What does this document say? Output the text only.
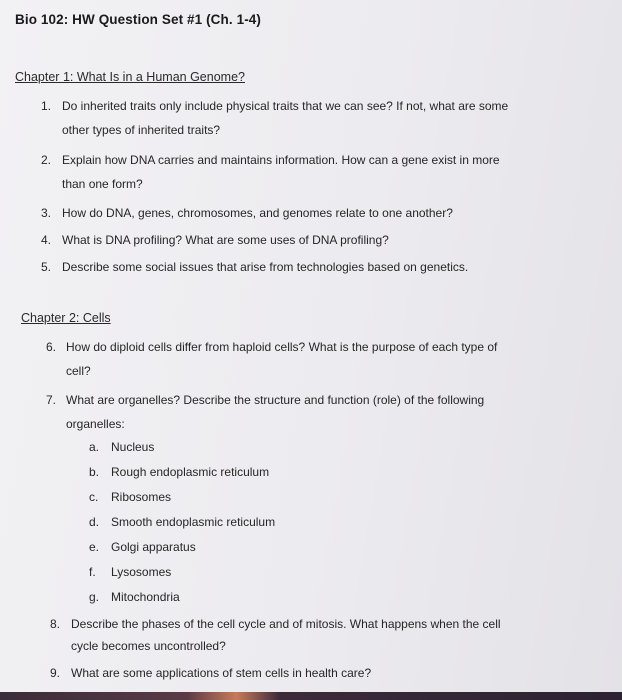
Bio 102: HW Question Set #1 (Ch. 1-4)
Chapter 1: What Is in a Human Genome?
1. Do inherited traits only include physical traits that we can see? If not, what are some
other types of inherited traits?
2. Explain how DNA carries and maintains information. How can a gene exist in more
than one form?
3. How do DNA, genes, chromosomes, and genomes relate to one another?
4. What is DNA profiling? What are some uses of DNA profiling?
5. Describe some social issues that arise from technologies based on genetics.
Chapter 2: Cells
6. How do diploid cells differ from haploid cells? What is the purpose of each type of
cell?
7. What are organelles? Describe the structure and function (role) of the following
organelles:
a. Nucleus
b. Rough endoplasmic reticulum
c. Ribosomes
d. Smooth endoplasmic reticulum
e. Golgi apparatus
f. Lysosomes
g. Mitochondria
8. Describe the phases of the cell cycle and of mitosis. What happens when the cell
cycle becomes uncontrolled?
9. What are some applications of stem cells in health care?
